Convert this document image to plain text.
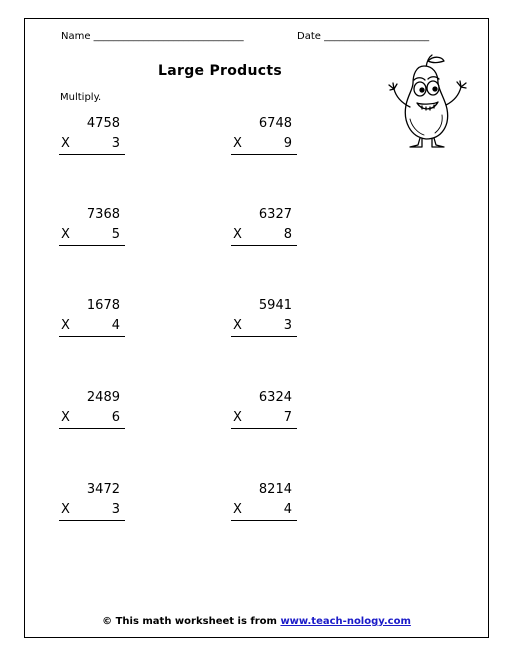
Name ______________________________	Date _____________________
Large Products
Multiply.
4758
X	3
7368
X	5
1678
X	4
2489
X	6
3472
X	3
6748
X	9
6327
X	8
5941
X	3
6324
X	7
8214
X	4
© This math worksheet is from www.teach-nology.com
